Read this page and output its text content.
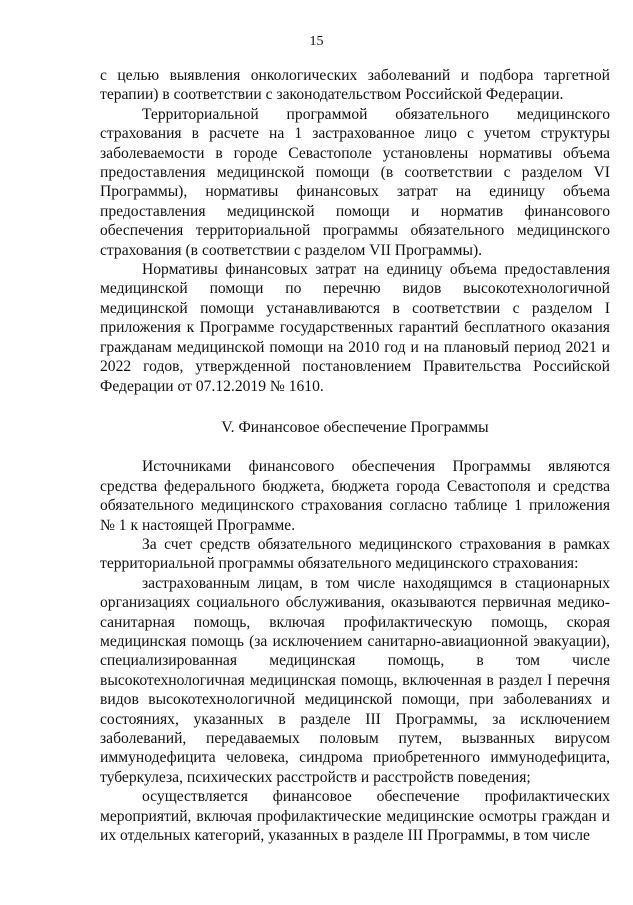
15

с целью выявления онкологических заболеваний и подбора таргетной терапии) в соответствии с законодательством Российской Федерации.

Территориальной программой обязательного медицинского страхования в расчете на 1 застрахованное лицо с учетом структуры заболеваемости в городе Севастополе установлены нормативы объема предоставления медицинской помощи (в соответствии с разделом VI Программы), нормативы финансовых затрат на единицу объема предоставления медицинской помощи и норматив финансового обеспечения территориальной программы обязательного медицинского страхования (в соответствии с разделом VII Программы).

Нормативы финансовых затрат на единицу объема предоставления медицинской помощи по перечню видов высокотехнологичной медицинской помощи устанавливаются в соответствии с разделом I приложения к Программе государственных гарантий бесплатного оказания гражданам медицинской помощи на 2010 год и на плановый период 2021 и 2022 годов, утвержденной постановлением Правительства Российской Федерации от 07.12.2019 № 1610.

V. Финансовое обеспечение Программы

Источниками финансового обеспечения Программы являются средства федерального бюджета, бюджета города Севастополя и средства обязательного медицинского страхования согласно таблице 1 приложения № 1 к настоящей Программе.

За счет средств обязательного медицинского страхования в рамках территориальной программы обязательного медицинского страхования:

застрахованным лицам, в том числе находящимся в стационарных организациях социального обслуживания, оказываются первичная медико-санитарная помощь, включая профилактическую помощь, скорая медицинская помощь (за исключением санитарно-авиационной эвакуации), специализированная медицинская помощь, в том числе высокотехнологичная медицинская помощь, включенная в раздел I перечня видов высокотехнологичной медицинской помощи, при заболеваниях и состояниях, указанных в разделе III Программы, за исключением заболеваний, передаваемых половым путем, вызванных вирусом иммунодефицита человека, синдрома приобретенного иммунодефицита, туберкулеза, психических расстройств и расстройств поведения;

осуществляется финансовое обеспечение профилактических мероприятий, включая профилактические медицинские осмотры граждан и их отдельных категорий, указанных в разделе III Программы, в том числе
